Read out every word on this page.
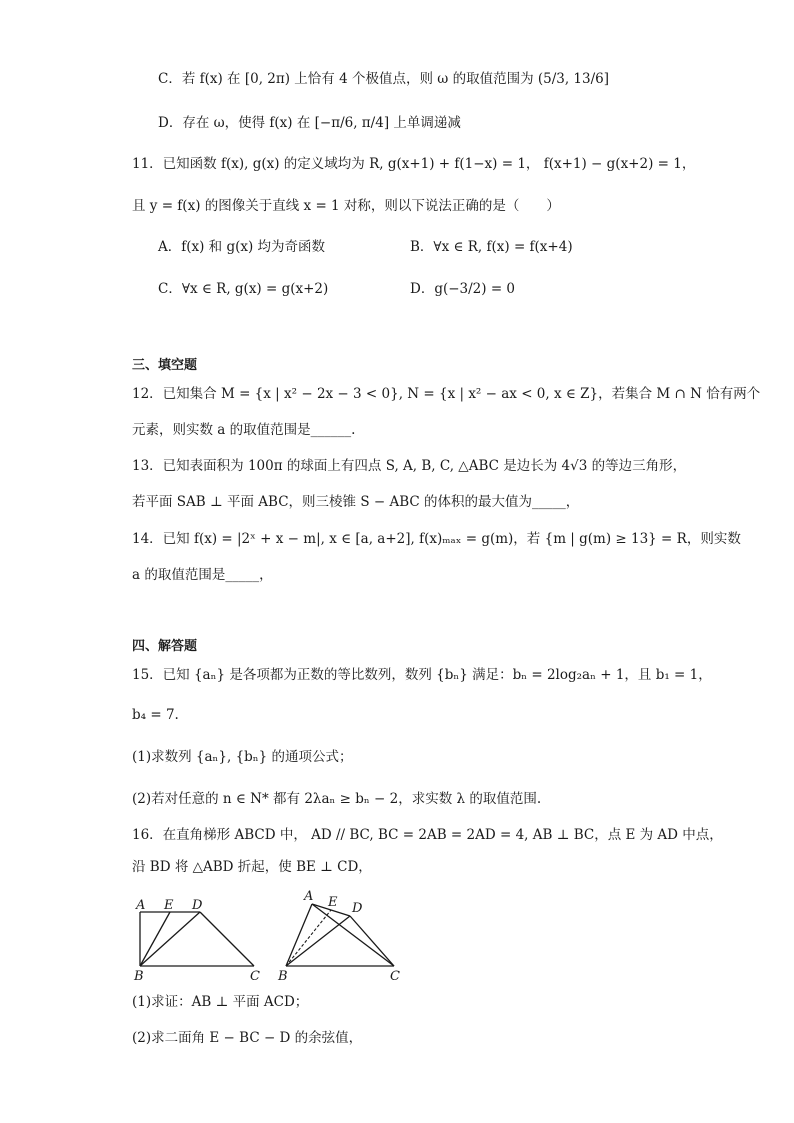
C．若 f(x) 在 [0, 2π) 上恰有 4 个极值点，则 ω 的取值范围为 (5/3, 13/6]
D．存在 ω，使得 f(x) 在 [−π/6, π/4] 上单调递减
11．已知函数 f(x), g(x) 的定义域均为 R, g(x+1) + f(1−x) = 1， f(x+1) − g(x+2) = 1，
且 y = f(x) 的图像关于直线 x = 1 对称，则以下说法正确的是（　　）
A．f(x) 和 g(x) 均为奇函数	B．∀x ∈ R, f(x) = f(x+4)
C．∀x ∈ R, g(x) = g(x+2)	D．g(−3/2) = 0
三、填空题
12．已知集合 M = {x | x² − 2x − 3 < 0}, N = {x | x² − ax < 0, x ∈ Z}，若集合 M ∩ N 恰有两个
元素，则实数 a 的取值范围是______.
13．已知表面积为 100π 的球面上有四点 S, A, B, C, △ABC 是边长为 4√3 的等边三角形，
若平面 SAB ⊥ 平面 ABC，则三棱锥 S − ABC 的体积的最大值为_____，
14．已知 f(x) = |2ˣ + x − m|, x ∈ [a, a+2], f(x)ₘₐₓ = g(m)，若 {m | g(m) ≥ 13} = R，则实数
a 的取值范围是_____，
四、解答题
15．已知 {aₙ} 是各项都为正数的等比数列，数列 {bₙ} 满足：bₙ = 2log₂aₙ + 1，且 b₁ = 1，
b₄ = 7.
(1)求数列 {aₙ}, {bₙ} 的通项公式；
(2)若对任意的 n ∈ N* 都有 2λaₙ ≥ bₙ − 2，求实数 λ 的取值范围.
16．在直角梯形 ABCD 中， AD // BC, BC = 2AB = 2AD = 4, AB ⊥ BC，点 E 为 AD 中点，
沿 BD 将 △ABD 折起，使 BE ⊥ CD，
A E D
B	C
A E D
B	C
(1)求证：AB ⊥ 平面 ACD；
(2)求二面角 E − BC − D 的余弦值，
